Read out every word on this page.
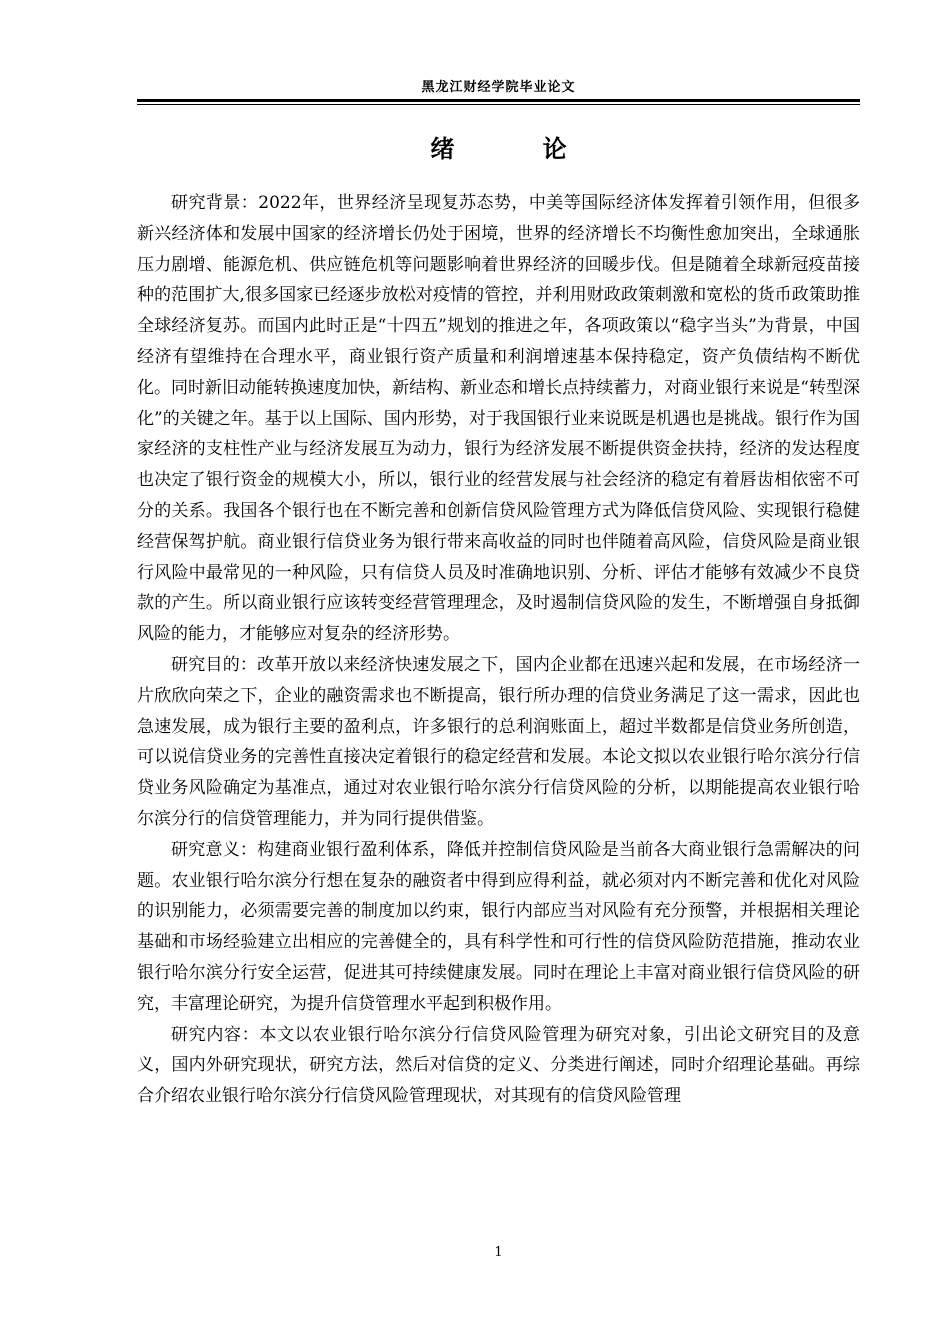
黑龙江财经学院毕业论文
绪 论

研究背景：2022年，世界经济呈现复苏态势，中美等国际经济体发挥着引领作用，但很多新兴经济体和发展中国家的经济增长仍处于困境，世界的经济增长不均衡性愈加突出，全球通胀压力剧增、能源危机、供应链危机等问题影响着世界经济的回暖步伐。但是随着全球新冠疫苗接种的范围扩大,很多国家已经逐步放松对疫情的管控，并利用财政政策刺激和宽松的货币政策助推全球经济复苏。而国内此时正是“十四五”规划的推进之年，各项政策以“稳字当头”为背景，中国经济有望维持在合理水平，商业银行资产质量和利润增速基本保持稳定，资产负债结构不断优化。同时新旧动能转换速度加快，新结构、新业态和增长点持续蓄力，对商业银行来说是“转型深化”的关键之年。基于以上国际、国内形势，对于我国银行业来说既是机遇也是挑战。银行作为国家经济的支柱性产业与经济发展互为动力，银行为经济发展不断提供资金扶持，经济的发达程度也决定了银行资金的规模大小，所以，银行业的经营发展与社会经济的稳定有着唇齿相依密不可分的关系。我国各个银行也在不断完善和创新信贷风险管理方式为降低信贷风险、实现银行稳健经营保驾护航。商业银行信贷业务为银行带来高收益的同时也伴随着高风险，信贷风险是商业银行风险中最常见的一种风险，只有信贷人员及时准确地识别、分析、评估才能够有效减少不良贷款的产生。所以商业银行应该转变经营管理理念，及时遏制信贷风险的发生，不断增强自身抵御风险的能力，才能够应对复杂的经济形势。

研究目的：改革开放以来经济快速发展之下，国内企业都在迅速兴起和发展，在市场经济一片欣欣向荣之下，企业的融资需求也不断提高，银行所办理的信贷业务满足了这一需求，因此也急速发展，成为银行主要的盈利点，许多银行的总利润账面上，超过半数都是信贷业务所创造，可以说信贷业务的完善性直接决定着银行的稳定经营和发展。本论文拟以农业银行哈尔滨分行信贷业务风险确定为基准点，通过对农业银行哈尔滨分行信贷风险的分析，以期能提高农业银行哈尔滨分行的信贷管理能力，并为同行提供借鉴。

研究意义：构建商业银行盈利体系，降低并控制信贷风险是当前各大商业银行急需解决的问题。农业银行哈尔滨分行想在复杂的融资者中得到应得利益，就必须对内不断完善和优化对风险的识别能力，必须需要完善的制度加以约束，银行内部应当对风险有充分预警，并根据相关理论基础和市场经验建立出相应的完善健全的，具有科学性和可行性的信贷风险防范措施，推动农业银行哈尔滨分行安全运营，促进其可持续健康发展。同时在理论上丰富对商业银行信贷风险的研究，丰富理论研究，为提升信贷管理水平起到积极作用。

研究内容：本文以农业银行哈尔滨分行信贷风险管理为研究对象，引出论文研究目的及意义，国内外研究现状，研究方法，然后对信贷的定义、分类进行阐述，同时介绍理论基础。再综合介绍农业银行哈尔滨分行信贷风险管理现状，对其现有的信贷风险管理

1
